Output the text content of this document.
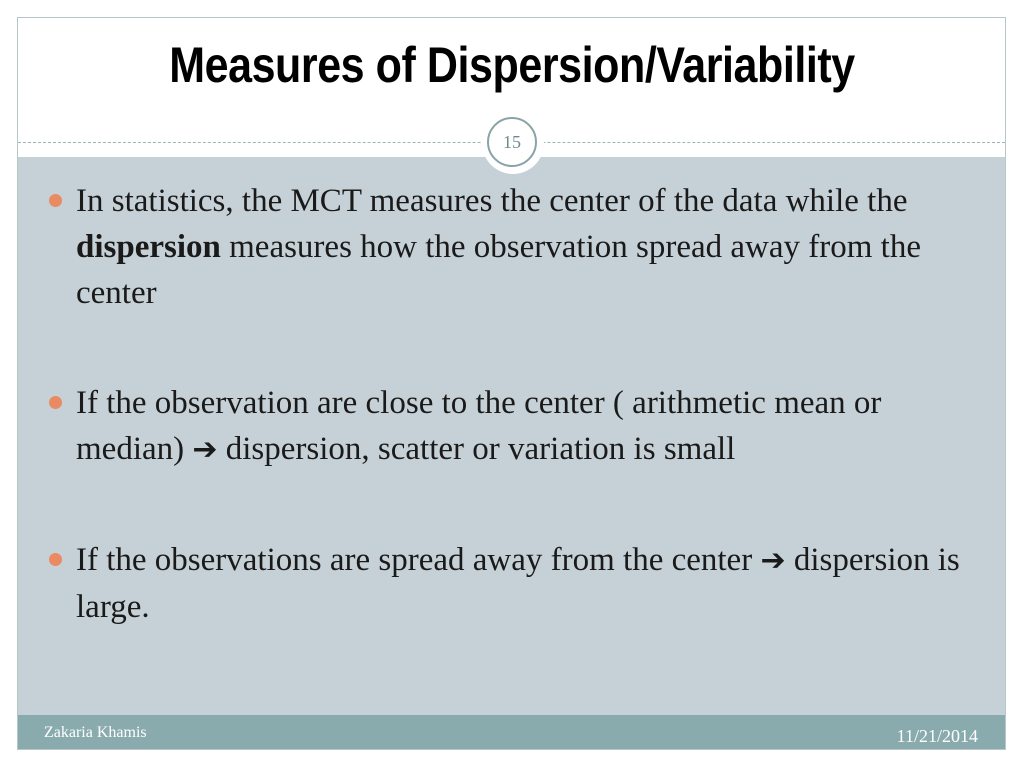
Measures of Dispersion/Variability
15
In statistics, the MCT measures the center of the data while the dispersion measures how the observation spread away from the center
If the observation are close to the center ( arithmetic mean or median) ➔ dispersion, scatter or variation is small
If the observations are spread away from the center ➔ dispersion is large.
Zakaria Khamis	11/21/2014
